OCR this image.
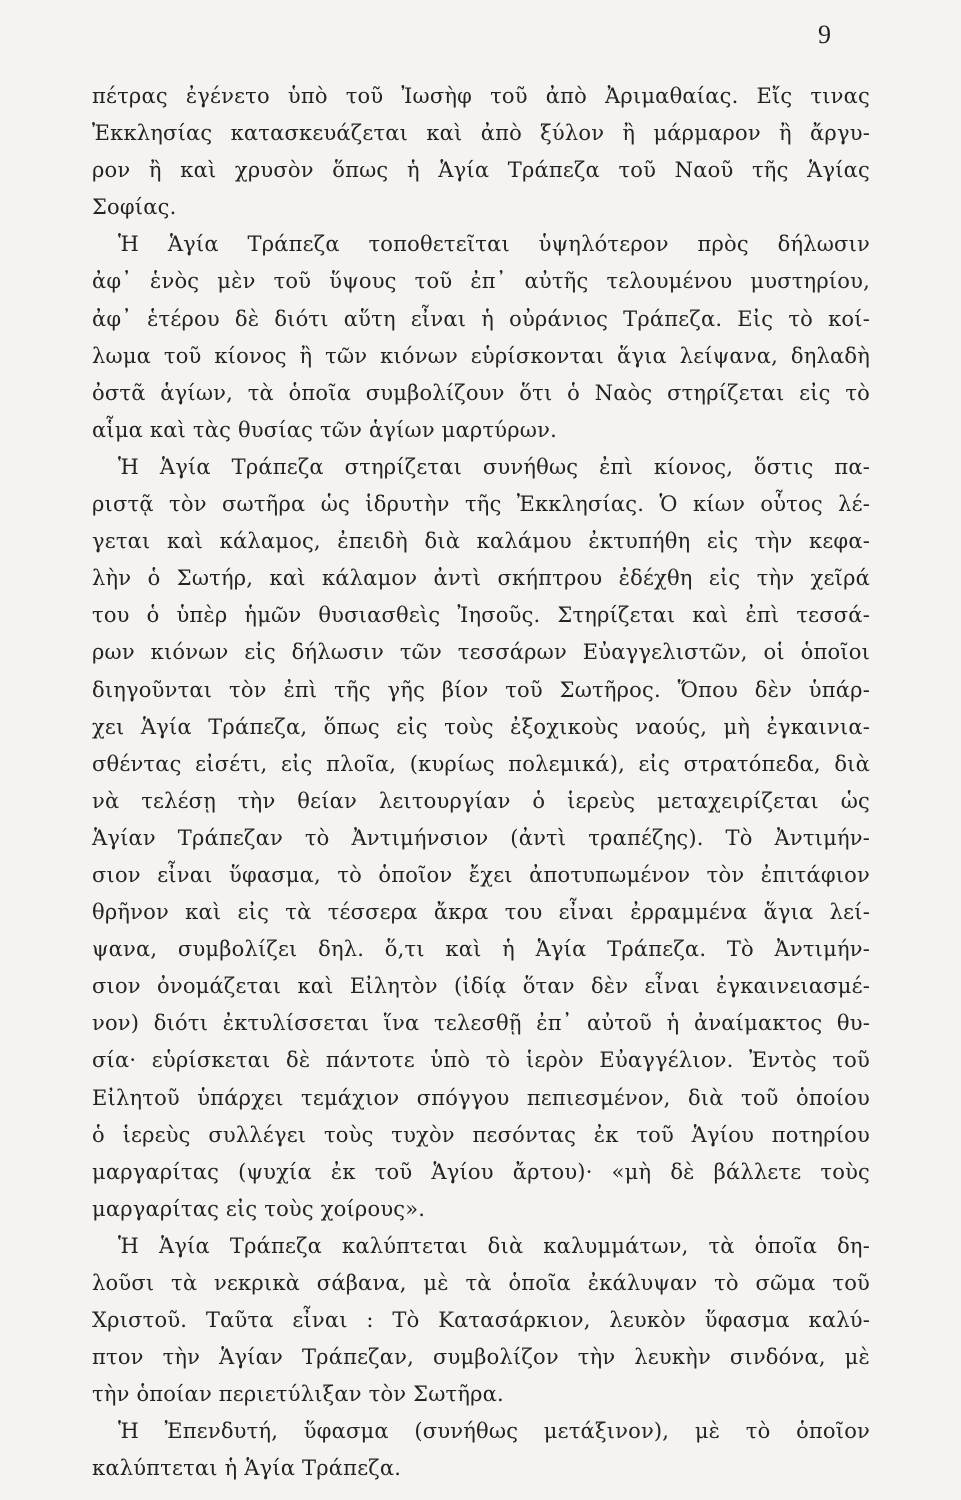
9
πέτρας ἐγένετο ὑπὸ τοῦ Ἰωσὴφ τοῦ ἀπὸ Ἀριμαθαίας. Εἴς τινας
Ἐκκλησίας κατασκευάζεται καὶ ἀπὸ ξύλον ἢ μάρμαρον ἢ ἄργυ-
ρον ἢ καὶ χρυσὸν ὅπως ἡ Ἁγία Τράπεζα τοῦ Ναοῦ τῆς Ἁγίας
Σοφίας.
Ἡ Ἁγία Τράπεζα τοποθετεῖται ὑψηλότερον πρὸς δήλωσιν
ἀφ᾽ ἑνὸς μὲν τοῦ ὕψους τοῦ ἐπ᾽ αὐτῆς τελουμένου μυστηρίου,
ἀφ᾽ ἑτέρου δὲ διότι αὕτη εἶναι ἡ οὐράνιος Τράπεζα. Εἰς τὸ κοί-
λωμα τοῦ κίονος ἢ τῶν κιόνων εὑρίσκονται ἅγια λείψανα, δηλαδὴ
ὀστᾶ ἁγίων, τὰ ὁποῖα συμβολίζουν ὅτι ὁ Ναὸς στηρίζεται εἰς τὸ
αἷμα καὶ τὰς θυσίας τῶν ἁγίων μαρτύρων.
Ἡ Ἁγία Τράπεζα στηρίζεται συνήθως ἐπὶ κίονος, ὅστις πα-
ριστᾷ τὸν σωτῆρα ὡς ἱδρυτὴν τῆς Ἐκκλησίας. Ὁ κίων οὗτος λέ-
γεται καὶ κάλαμος, ἐπειδὴ διὰ καλάμου ἐκτυπήθη εἰς τὴν κεφα-
λὴν ὁ Σωτήρ, καὶ κάλαμον ἀντὶ σκήπτρου ἐδέχθη εἰς τὴν χεῖρά
του ὁ ὑπὲρ ἡμῶν θυσιασθεὶς Ἰησοῦς. Στηρίζεται καὶ ἐπὶ τεσσά-
ρων κιόνων εἰς δήλωσιν τῶν τεσσάρων Εὐαγγελιστῶν, οἱ ὁποῖοι
διηγοῦνται τὸν ἐπὶ τῆς γῆς βίον τοῦ Σωτῆρος. Ὅπου δὲν ὑπάρ-
χει Ἁγία Τράπεζα, ὅπως εἰς τοὺς ἐξοχικοὺς ναούς, μὴ ἐγκαινια-
σθέντας εἰσέτι, εἰς πλοῖα, (κυρίως πολεμικά), εἰς στρατόπεδα, διὰ
νὰ τελέσῃ τὴν θείαν λειτουργίαν ὁ ἱερεὺς μεταχειρίζεται ὡς
Ἁγίαν Τράπεζαν τὸ Ἀντιμήνσιον (ἀντὶ τραπέζης). Τὸ Ἀντιμήν-
σιον εἶναι ὕφασμα, τὸ ὁποῖον ἔχει ἀποτυπωμένον τὸν ἐπιτάφιον
θρῆνον καὶ εἰς τὰ τέσσερα ἄκρα του εἶναι ἐρραμμένα ἅγια λεί-
ψανα, συμβολίζει δηλ. ὅ,τι καὶ ἡ Ἁγία Τράπεζα. Τὸ Ἀντιμήν-
σιον ὀνομάζεται καὶ Εἰλητὸν (ἰδίᾳ ὅταν δὲν εἶναι ἐγκαινειασμέ-
νον) διότι ἐκτυλίσσεται ἵνα τελεσθῇ ἐπ᾽ αὐτοῦ ἡ ἀναίμακτος θυ-
σία· εὑρίσκεται δὲ πάντοτε ὑπὸ τὸ ἱερὸν Εὐαγγέλιον. Ἐντὸς τοῦ
Εἰλητοῦ ὑπάρχει τεμάχιον σπόγγου πεπιεσμένον, διὰ τοῦ ὁποίου
ὁ ἱερεὺς συλλέγει τοὺς τυχὸν πεσόντας ἐκ τοῦ Ἁγίου ποτηρίου
μαργαρίτας (ψυχία ἐκ τοῦ Ἁγίου ἄρτου)· «μὴ δὲ βάλλετε τοὺς
μαργαρίτας εἰς τοὺς χοίρους».
Ἡ Ἁγία Τράπεζα καλύπτεται διὰ καλυμμάτων, τὰ ὁποῖα δη-
λοῦσι τὰ νεκρικὰ σάβανα, μὲ τὰ ὁποῖα ἐκάλυψαν τὸ σῶμα τοῦ
Χριστοῦ. Ταῦτα εἶναι : Τὸ Κατασάρκιον, λευκὸν ὕφασμα καλύ-
πτον τὴν Ἁγίαν Τράπεζαν, συμβολίζον τὴν λευκὴν σινδόνα, μὲ
τὴν ὁποίαν περιετύλιξαν τὸν Σωτῆρα.
Ἡ Ἐπενδυτή, ὕφασμα (συνήθως μετάξινον), μὲ τὸ ὁποῖον
καλύπτεται ἡ Ἁγία Τράπεζα.
